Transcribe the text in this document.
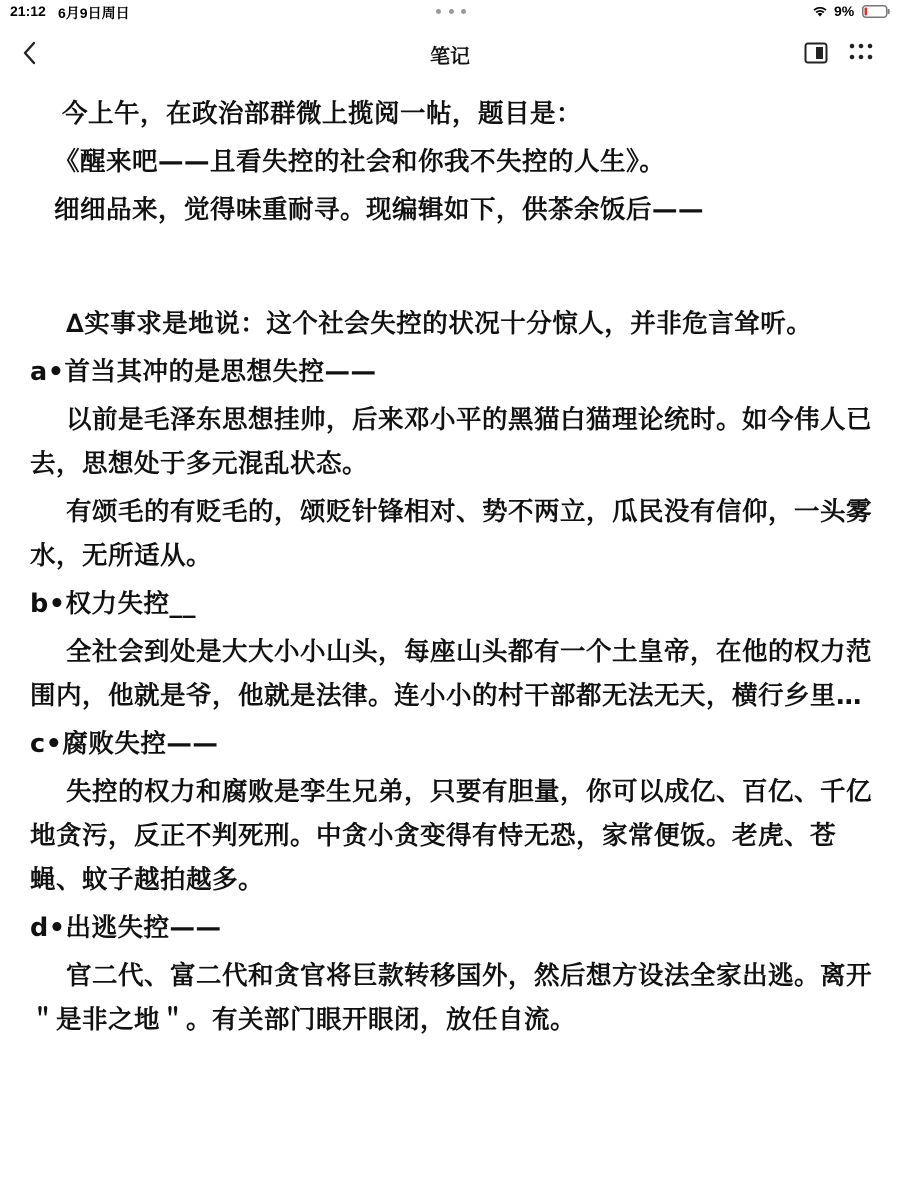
21:12 6月9日周日	9%
笔记

今上午，在政治部群微上揽阅一帖，题目是：

《醒来吧——且看失控的社会和你我不失控的人生》。

细细品来，觉得味重耐寻。现编辑如下，供茶余饭后——

∆实事求是地说：这个社会失控的状况十分惊人，并非危言耸听。

a•首当其冲的是思想失控——

以前是毛泽东思想挂帅，后来邓小平的黑猫白猫理论统时。如今伟人已去，思想处于多元混乱状态。

有颂毛的有贬毛的，颂贬针锋相对、势不两立，瓜民没有信仰，一头雾水，无所适从。

b•权力失控__

全社会到处是大大小小山头，每座山头都有一个土皇帝，在他的权力范围内，他就是爷，他就是法律。连小小的村干部都无法无天，横行乡里…

c•腐败失控——

失控的权力和腐败是孪生兄弟，只要有胆量，你可以成亿、百亿、千亿地贪污，反正不判死刑。中贪小贪变得有恃无恐，家常便饭。老虎、苍蝇、蚊子越拍越多。

d•出逃失控——

官二代、富二代和贪官将巨款转移国外，然后想方设法全家出逃。离开＂是非之地＂。有关部门眼开眼闭，放任自流。
